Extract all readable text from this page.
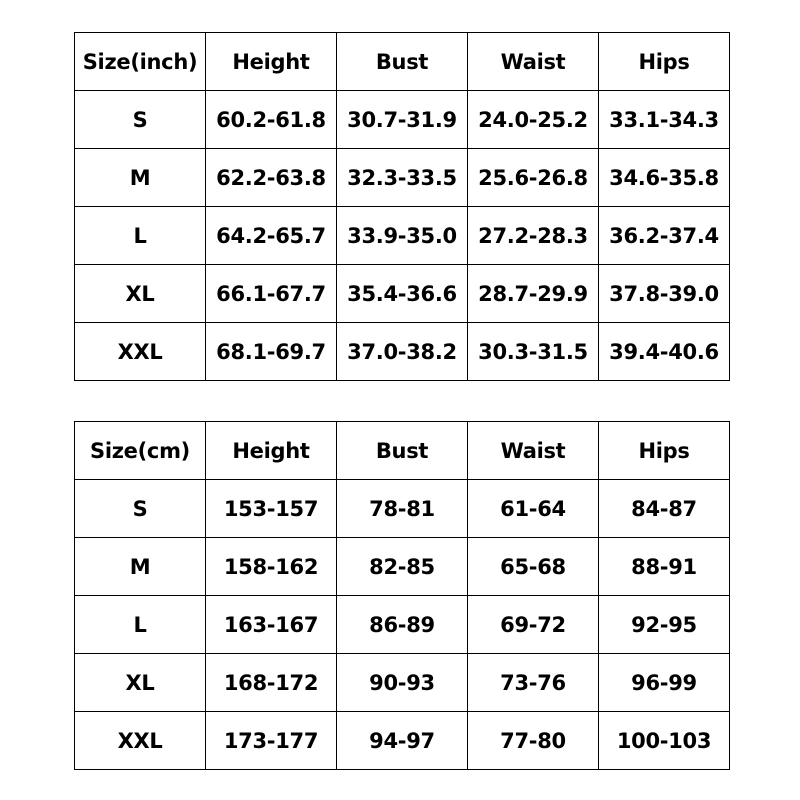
Size(inch)	Height	Bust	Waist	Hips
S	60.2-61.8	30.7-31.9	24.0-25.2	33.1-34.3
M	62.2-63.8	32.3-33.5	25.6-26.8	34.6-35.8
L	64.2-65.7	33.9-35.0	27.2-28.3	36.2-37.4
XL	66.1-67.7	35.4-36.6	28.7-29.9	37.8-39.0
XXL	68.1-69.7	37.0-38.2	30.3-31.5	39.4-40.6
Size(cm)	Height	Bust	Waist	Hips
S	153-157	78-81	61-64	84-87
M	158-162	82-85	65-68	88-91
L	163-167	86-89	69-72	92-95
XL	168-172	90-93	73-76	96-99
XXL	173-177	94-97	77-80	100-103
